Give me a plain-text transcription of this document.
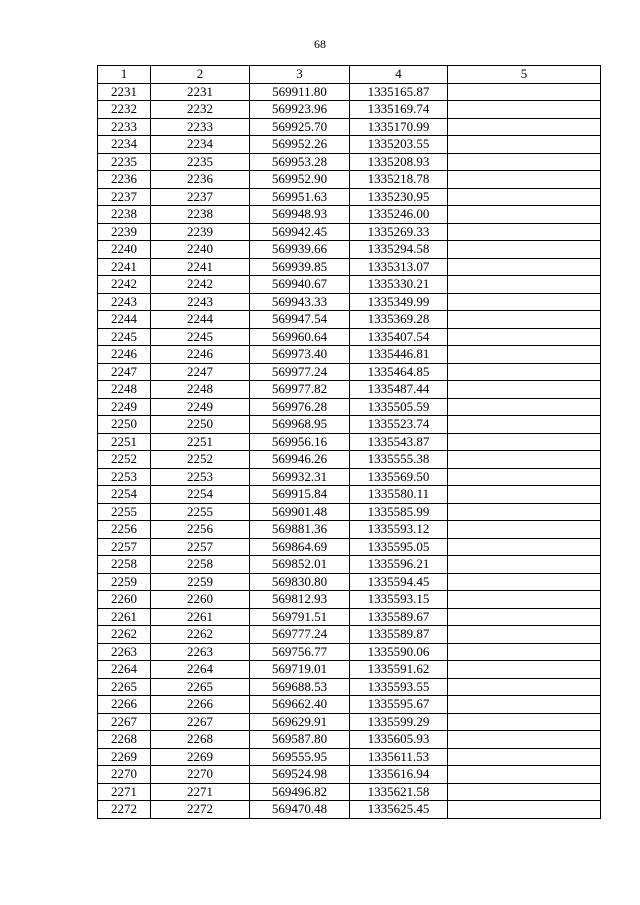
68
1	2	3	4	5
2231	2231	569911.80	1335165.87	
2232	2232	569923.96	1335169.74	
2233	2233	569925.70	1335170.99	
2234	2234	569952.26	1335203.55	
2235	2235	569953.28	1335208.93	
2236	2236	569952.90	1335218.78	
2237	2237	569951.63	1335230.95	
2238	2238	569948.93	1335246.00	
2239	2239	569942.45	1335269.33	
2240	2240	569939.66	1335294.58	
2241	2241	569939.85	1335313.07	
2242	2242	569940.67	1335330.21	
2243	2243	569943.33	1335349.99	
2244	2244	569947.54	1335369.28	
2245	2245	569960.64	1335407.54	
2246	2246	569973.40	1335446.81	
2247	2247	569977.24	1335464.85	
2248	2248	569977.82	1335487.44	
2249	2249	569976.28	1335505.59	
2250	2250	569968.95	1335523.74	
2251	2251	569956.16	1335543.87	
2252	2252	569946.26	1335555.38	
2253	2253	569932.31	1335569.50	
2254	2254	569915.84	1335580.11	
2255	2255	569901.48	1335585.99	
2256	2256	569881.36	1335593.12	
2257	2257	569864.69	1335595.05	
2258	2258	569852.01	1335596.21	
2259	2259	569830.80	1335594.45	
2260	2260	569812.93	1335593.15	
2261	2261	569791.51	1335589.67	
2262	2262	569777.24	1335589.87	
2263	2263	569756.77	1335590.06	
2264	2264	569719.01	1335591.62	
2265	2265	569688.53	1335593.55	
2266	2266	569662.40	1335595.67	
2267	2267	569629.91	1335599.29	
2268	2268	569587.80	1335605.93	
2269	2269	569555.95	1335611.53	
2270	2270	569524.98	1335616.94	
2271	2271	569496.82	1335621.58	
2272	2272	569470.48	1335625.45	
